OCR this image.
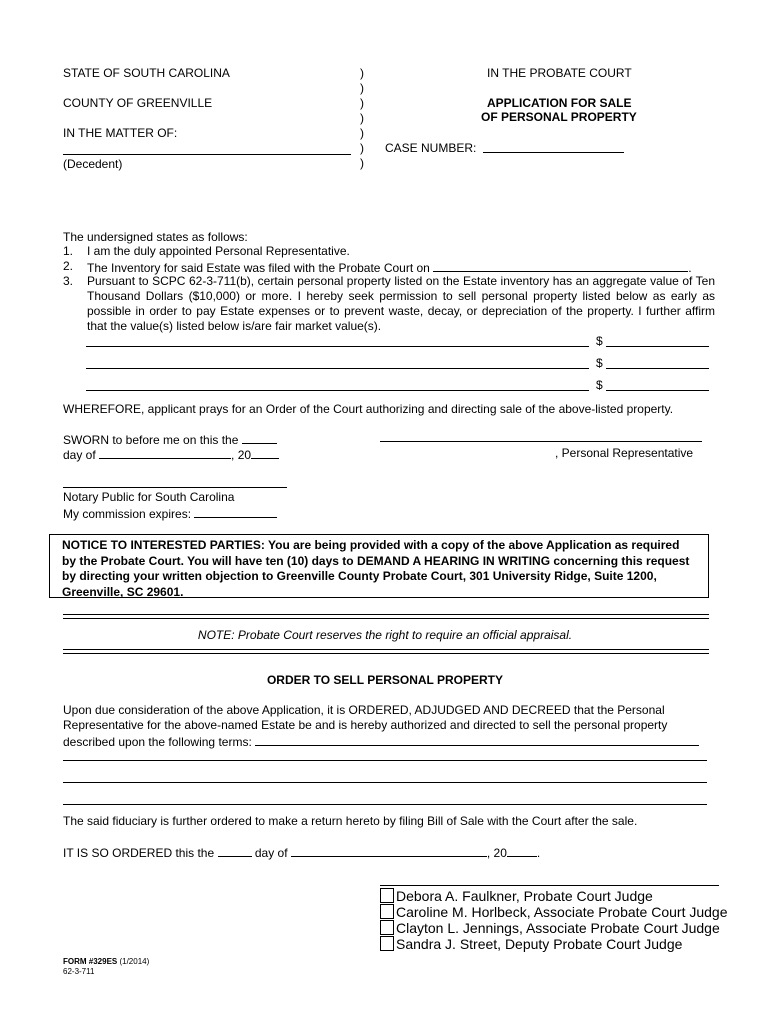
STATE OF SOUTH CAROLINA
COUNTY OF GREENVILLE
IN THE MATTER OF:
(Decedent)
)
)
)
)
)
)
)
IN THE PROBATE COURT
APPLICATION FOR SALE
OF PERSONAL PROPERTY
CASE NUMBER:
The undersigned states as follows:
1. I am the duly appointed Personal Representative.
2. The Inventory for said Estate was filed with the Probate Court on	.
3. Pursuant to SCPC 62-3-711(b), certain personal property listed on the Estate inventory has an aggregate value of Ten Thousand Dollars ($10,000) or more. I hereby seek permission to sell personal property listed below as early as possible in order to pay Estate expenses or to prevent waste, decay, or depreciation of the property. I further affirm that the value(s) listed below is/are fair market value(s).
$
$
$
WHEREFORE, applicant prays for an Order of the Court authorizing and directing sale of the above-listed property.
SWORN to before me on this the
day of	, 20	, Personal Representative
Notary Public for South Carolina
My commission expires:
NOTICE TO INTERESTED PARTIES: You are being provided with a copy of the above Application as required by the Probate Court. You will have ten (10) days to DEMAND A HEARING IN WRITING concerning this request by directing your written objection to Greenville County Probate Court, 301 University Ridge, Suite 1200, Greenville, SC 29601.
NOTE: Probate Court reserves the right to require an official appraisal.
ORDER TO SELL PERSONAL PROPERTY
Upon due consideration of the above Application, it is ORDERED, ADJUDGED AND DECREED that the Personal
Representative for the above-named Estate be and is hereby authorized and directed to sell the personal property
described upon the following terms:
The said fiduciary is further ordered to make a return hereto by filing Bill of Sale with the Court after the sale.
IT IS SO ORDERED this the	day of	, 20	.
Debora A. Faulkner, Probate Court Judge
Caroline M. Horlbeck, Associate Probate Court Judge
Clayton L. Jennings, Associate Probate Court Judge
Sandra J. Street, Deputy Probate Court Judge
FORM #329ES (1/2014)
62-3-711
